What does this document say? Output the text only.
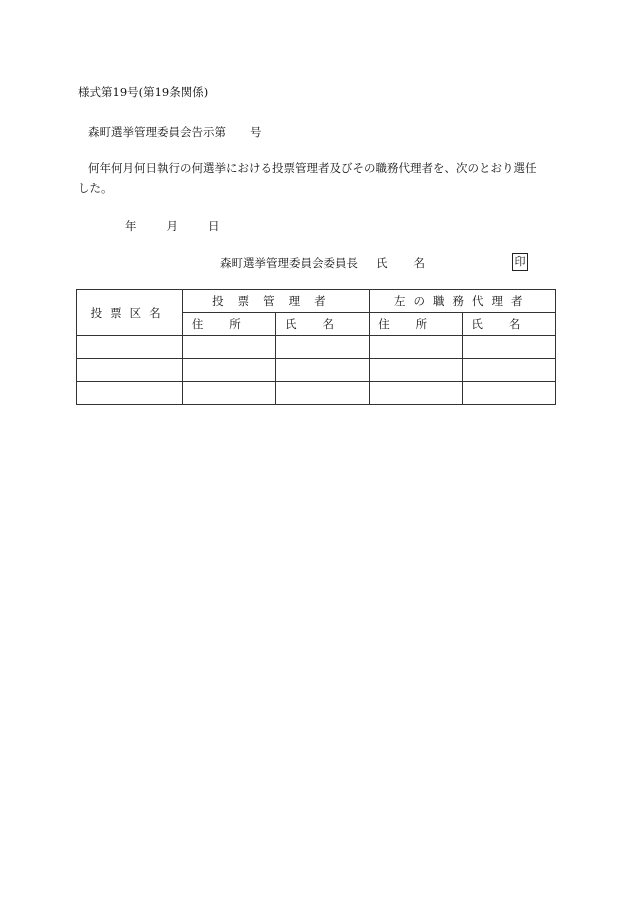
様式第19号(第19条関係)

森町選挙管理委員会告示第 号

何年何月何日執行の何選挙における投票管理者及びその職務代理者を、次のとおり選任

した。

年	月	日

森町選挙管理委員会委員長 氏 名	印
投票区名	投票管理者		左の職務代理者	
	住所	氏名	住所	氏名
